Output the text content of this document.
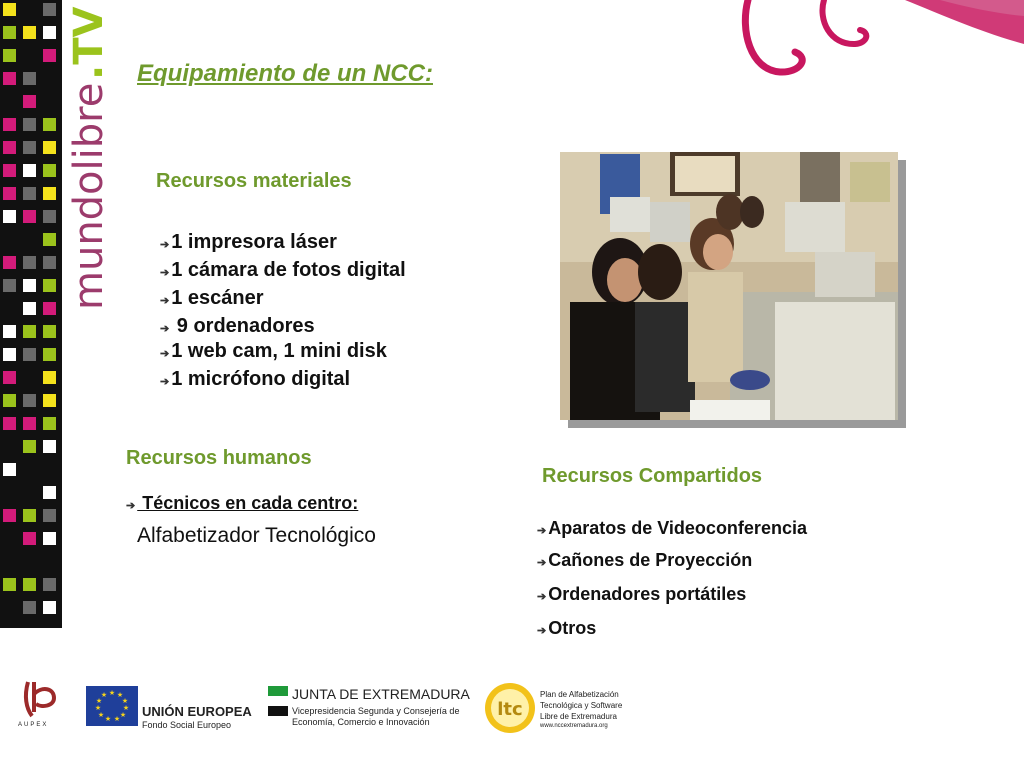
mundolibre
.TV Equipamiento de un NCC:
Recursos materiales
➔ 1 impresora láser
➔ 1 cámara de fotos digital
➔ 1 escáner
➔ 9 ordenadores
➔ 1 web cam, 1 mini disk
➔ 1 micrófono digital
Recursos humanos
➔ Técnicos en cada centro:
Alfabetizador Tecnológico
Recursos Compartidos
➔ Aparatos de Videoconferencia
➔ Cañones de Proyección
➔ Ordenadores portátiles
➔ Otros
AUPEX
★ ★
★
★
★
★
★
★
★
★
★
UNIÓN EUROPEA
Fondo Social Europeo
JUNTA DE EXTREMADURA
Vicepresidencia Segunda y Consejería de
Economía, Comercio e Innovación
ltc
Plan de Alfabetización
Tecnológica y Software
Libre de Extremadura
www.nccextremadura.org
